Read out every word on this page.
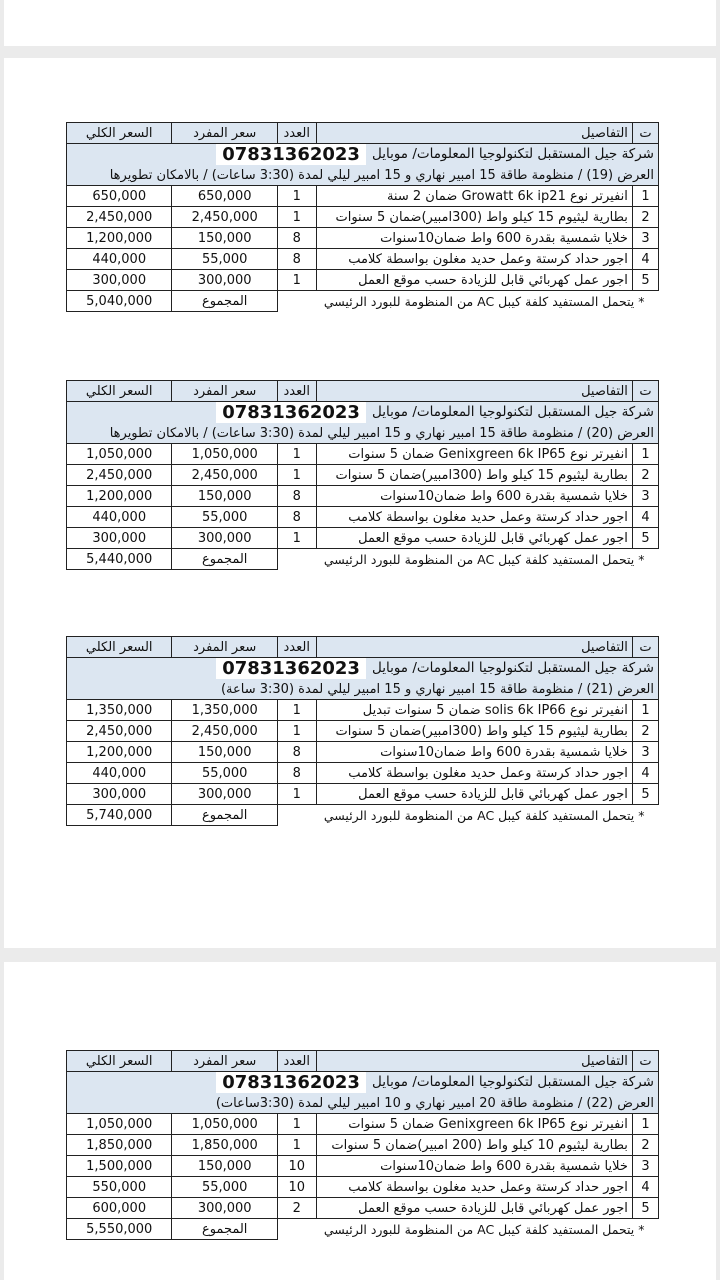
شركة جيل المستقبل لتكنولوجيا المعلومات/ موبايل07831362023				
العرض (19) / منظومة طاقة 15 امبير نهاري و 15 امبير ليلي لمدة (3:30 ساعات) / بالامكان تطويرها				
ت	التفاصيل	العدد	سعر المفرد	السعر الكلي
1	انفيرتر نوع Growatt 6k ip21 ضمان 2 سنة	1	650,000	650,000
2	بطارية ليثيوم 15 كيلو واط (300امبير)ضمان 5 سنوات	1	2,450,000	2,450,000
3	خلايا شمسية بقدرة 600 واط ضمان10سنوات	8	150,000	1,200,000
4	اجور حداد كرستة وعمل حديد مغلون بواسطة كلامب	8	55,000	440,000
5	اجور عمل كهربائي قابل للزيادة حسب موقع العمل	1	300,000	300,000
* يتحمل المستفيد كلفة كيبل AC من المنظومة للبورد الرئيسي			المجموع	5,040,000
شركة جيل المستقبل لتكنولوجيا المعلومات/ موبايل07831362023				
العرض (20) / منظومة طاقة 15 امبير نهاري و 15 امبير ليلي لمدة (3:30 ساعات) / بالامكان تطويرها				
ت	التفاصيل	العدد	سعر المفرد	السعر الكلي
1	انفيرتر نوع Genixgreen 6k IP65 ضمان 5 سنوات	1	1,050,000	1,050,000
2	بطارية ليثيوم 15 كيلو واط (300امبير)ضمان 5 سنوات	1	2,450,000	2,450,000
3	خلايا شمسية بقدرة 600 واط ضمان10سنوات	8	150,000	1,200,000
4	اجور حداد كرستة وعمل حديد مغلون بواسطة كلامب	8	55,000	440,000
5	اجور عمل كهربائي قابل للزيادة حسب موقع العمل	1	300,000	300,000
* يتحمل المستفيد كلفة كيبل AC من المنظومة للبورد الرئيسي			المجموع	5,440,000
شركة جيل المستقبل لتكنولوجيا المعلومات/ موبايل07831362023				
العرض (21) / منظومة طاقة 15 امبير نهاري و 15 امبير ليلي لمدة (3:30 ساعة)				
ت	التفاصيل	العدد	سعر المفرد	السعر الكلي
1	انفيرتر نوع solis 6k IP66 ضمان 5 سنوات تبديل	1	1,350,000	1,350,000
2	بطارية ليثيوم 15 كيلو واط (300امبير)ضمان 5 سنوات	1	2,450,000	2,450,000
3	خلايا شمسية بقدرة 600 واط ضمان10سنوات	8	150,000	1,200,000
4	اجور حداد كرستة وعمل حديد مغلون بواسطة كلامب	8	55,000	440,000
5	اجور عمل كهربائي قابل للزيادة حسب موقع العمل	1	300,000	300,000
* يتحمل المستفيد كلفة كيبل AC من المنظومة للبورد الرئيسي			المجموع	5,740,000
شركة جيل المستقبل لتكنولوجيا المعلومات/ موبايل07831362023				
العرض (22) / منظومة طاقة 20 امبير نهاري و 10 امبير ليلي لمدة (3:30ساعات)				
ت	التفاصيل	العدد	سعر المفرد	السعر الكلي
1	انفيرتر نوع Genixgreen 6k IP65 ضمان 5 سنوات	1	1,050,000	1,050,000
2	بطارية ليثيوم 10 كيلو واط (200 امبير)ضمان 5 سنوات	1	1,850,000	1,850,000
3	خلايا شمسية بقدرة 600 واط ضمان10سنوات	10	150,000	1,500,000
4	اجور حداد كرستة وعمل حديد مغلون بواسطة كلامب	10	55,000	550,000
5	اجور عمل كهربائي قابل للزيادة حسب موقع العمل	2	300,000	600,000
* يتحمل المستفيد كلفة كيبل AC من المنظومة للبورد الرئيسي			المجموع	5,550,000
